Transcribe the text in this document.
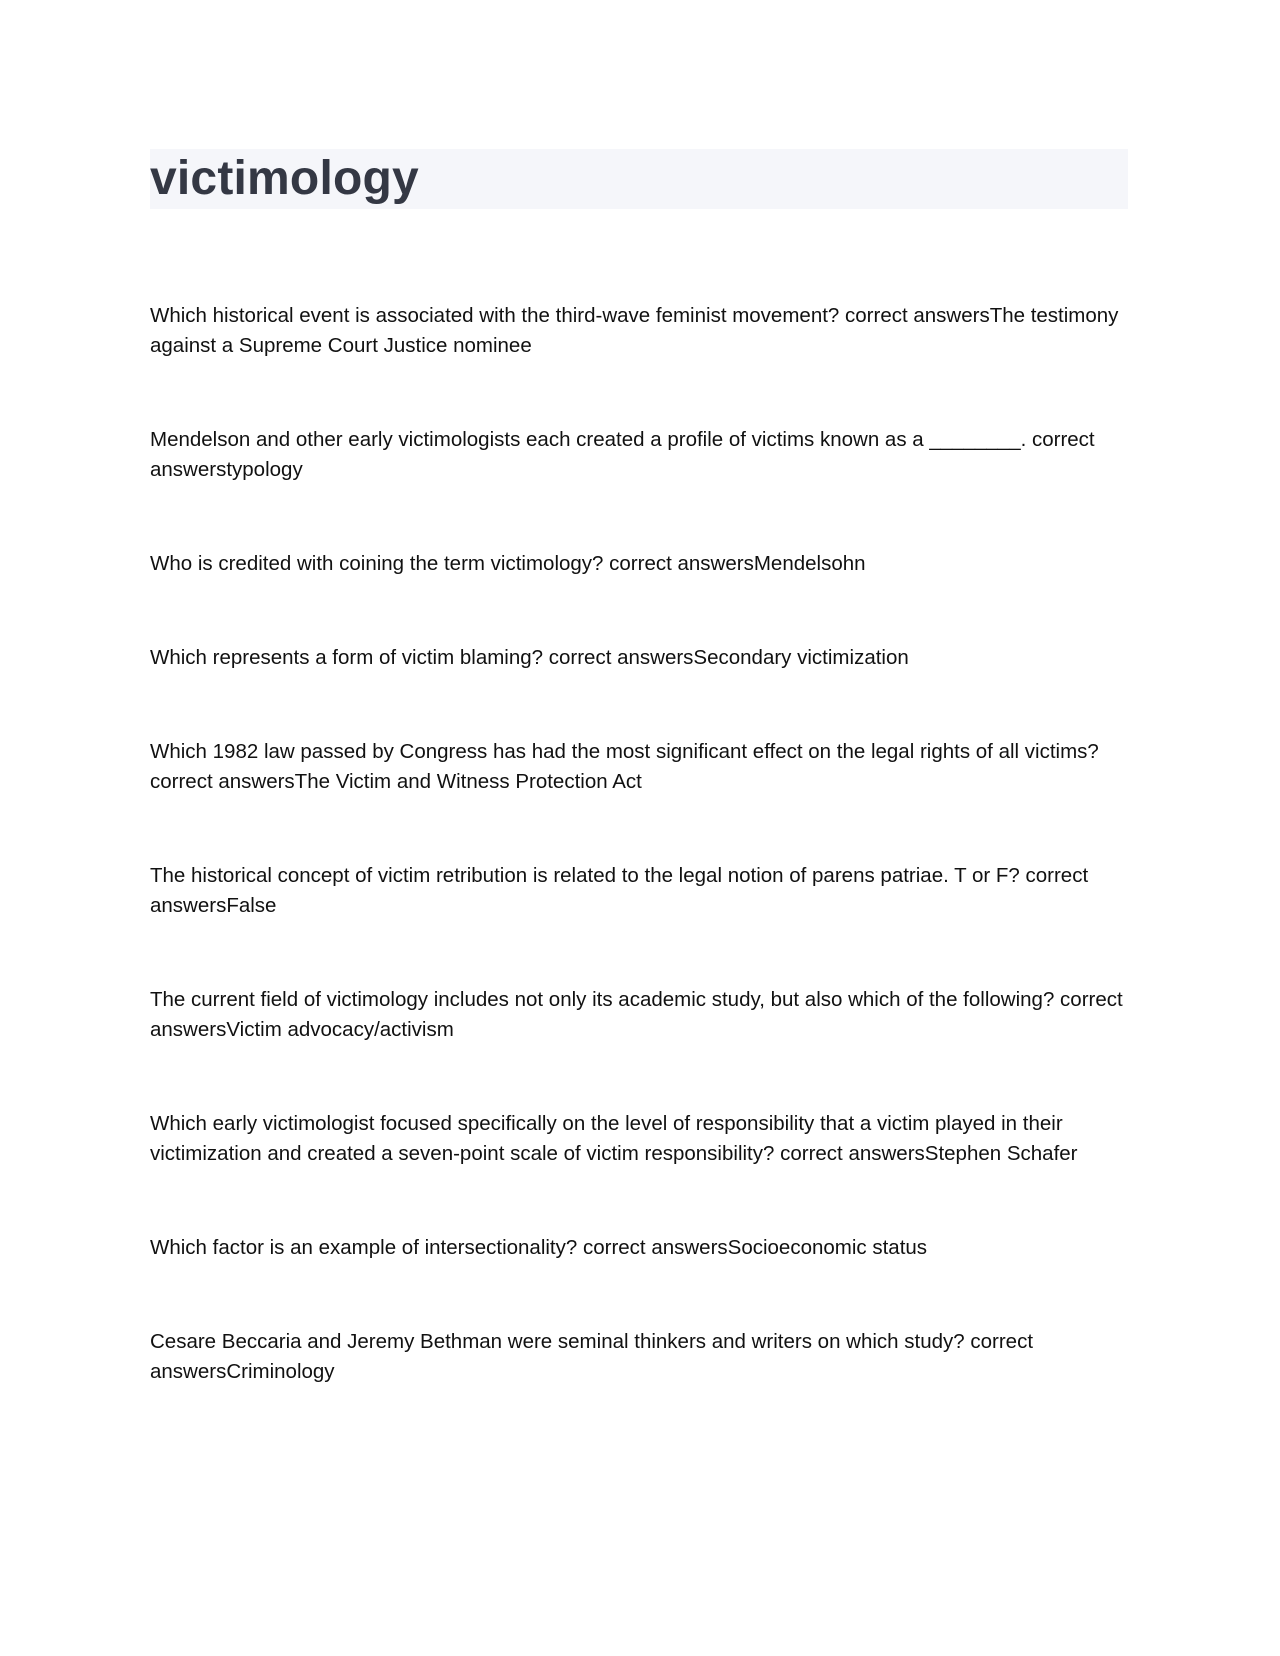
victimology

Which historical event is associated with the third-wave feminist movement? correct answersThe testimony against a Supreme Court Justice nominee

Mendelson and other early victimologists each created a profile of victims known as a ________. correct answerstypology

Who is credited with coining the term victimology? correct answersMendelsohn

Which represents a form of victim blaming? correct answersSecondary victimization

Which 1982 law passed by Congress has had the most significant effect on the legal rights of all victims? correct answersThe Victim and Witness Protection Act

The historical concept of victim retribution is related to the legal notion of parens patriae. T or F? correct answersFalse

The current field of victimology includes not only its academic study, but also which of the following? correct answersVictim advocacy/activism

Which early victimologist focused specifically on the level of responsibility that a victim played in their victimization and created a seven-point scale of victim responsibility? correct answersStephen Schafer

Which factor is an example of intersectionality? correct answersSocioeconomic status

Cesare Beccaria and Jeremy Bethman were seminal thinkers and writers on which study? correct answersCriminology
